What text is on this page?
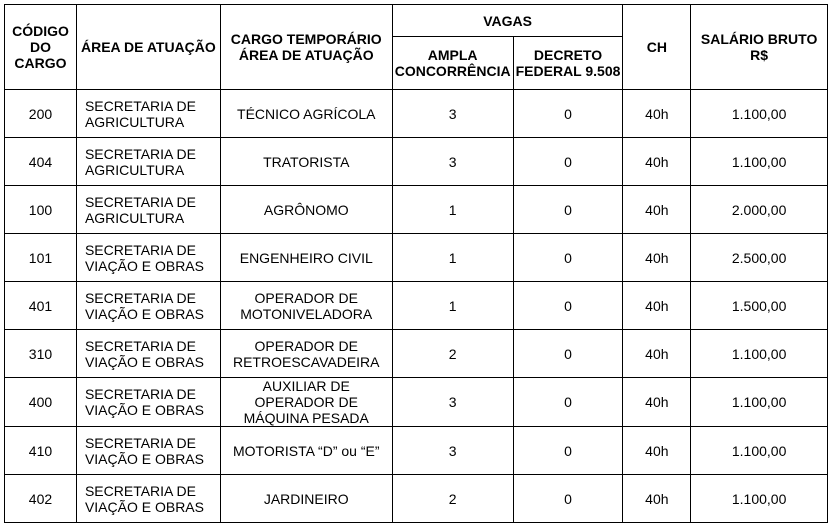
CÓDIGO DO CARGO	ÁREA DE ATUAÇÃO	CARGO TEMPORÁRIO ÁREA DE ATUAÇÃO	VAGAS		CH	SALÁRIO BRUTO R$
			AMPLA CONCORRÊNCIA	DECRETO FEDERAL 9.508		
200	SECRETARIA DE AGRICULTURA	TÉCNICO AGRÍCOLA	3	0	40h	1.100,00
404	SECRETARIA DE AGRICULTURA	TRATORISTA	3	0	40h	1.100,00
100	SECRETARIA DE AGRICULTURA	AGRÔNOMO	1	0	40h	2.000,00
101	SECRETARIA DE VIAÇÃO E OBRAS	ENGENHEIRO CIVIL	1	0	40h	2.500,00
401	SECRETARIA DE VIAÇÃO E OBRAS	OPERADOR DE MOTONIVELADORA	1	0	40h	1.500,00
310	SECRETARIA DE VIAÇÃO E OBRAS	OPERADOR DE RETROESCAVADEIRA	2	0	40h	1.100,00
400	SECRETARIA DE VIAÇÃO E OBRAS	AUXILIAR DE OPERADOR DE MÁQUINA PESADA	3	0	40h	1.100,00
410	SECRETARIA DE VIAÇÃO E OBRAS	MOTORISTA “D” ou “E”	3	0	40h	1.100,00
402	SECRETARIA DE VIAÇÃO E OBRAS	JARDINEIRO	2	0	40h	1.100,00
